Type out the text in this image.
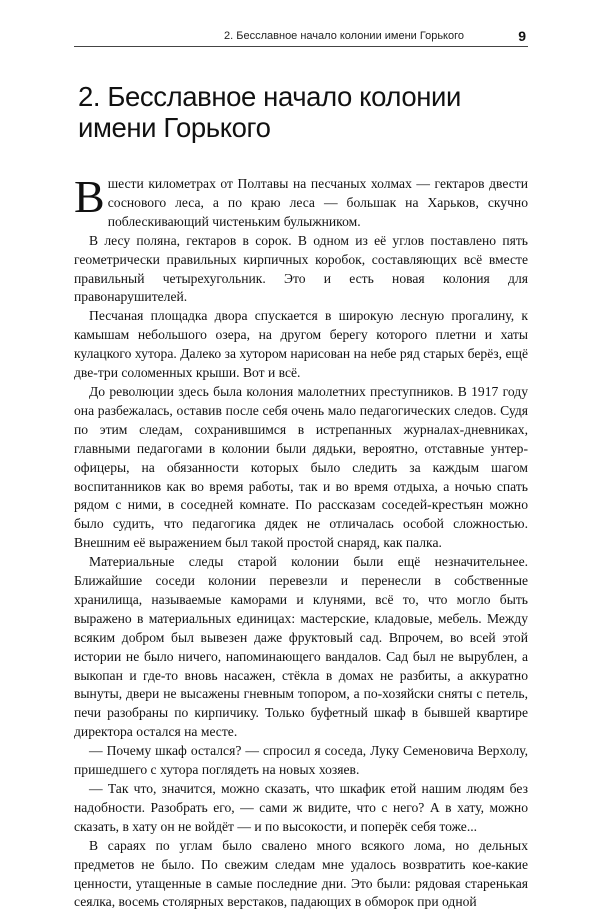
2. Бесславное начало колонии имени Горького	9
2. Бесславное начало колонии имени Горького

Вшести километрах от Полтавы на песчаных холмах — гектаров двести соснового леса, а по краю леса — большак на Харьков, скучно поблескивающий чистеньким булыжником.

В лесу поляна, гектаров в сорок. В одном из её углов поставлено пять геометрически правильных кирпичных коробок, составляющих всё вместе правильный четырехугольник. Это и есть новая колония для правонарушителей.

Песчаная площадка двора спускается в широкую лесную прогалину, к камышам небольшого озера, на другом берегу которого плетни и хаты кулацкого хутора. Далеко за хутором нарисован на небе ряд старых берёз, ещё две-три соломенных крыши. Вот и всё.

До революции здесь была колония малолетних преступников. В 1917 году она разбежалась, оставив после себя очень мало педагогических следов. Судя по этим следам, сохранившимся в истрепанных журналах-дневниках, главными педагогами в колонии были дядьки, вероятно, отставные унтер-офицеры, на обязанности которых было следить за каждым шагом воспитанников как во время работы, так и во время отдыха, а ночью спать рядом с ними, в соседней комнате. По рассказам соседей-крестьян можно было судить, что педагогика дядек не отличалась особой сложностью. Внешним её выражением был такой простой снаряд, как палка.

Материальные следы старой колонии были ещё незначительнее. Ближайшие соседи колонии перевезли и перенесли в собственные хранилища, называемые каморами и клунями, всё то, что могло быть выражено в материальных единицах: мастерские, кладовые, мебель. Между всяким добром был вывезен даже фруктовый сад. Впрочем, во всей этой истории не было ничего, напоминающего вандалов. Сад был не вырублен, а выкопан и где-то вновь насажен, стёкла в домах не разбиты, а аккуратно вынуты, двери не высажены гневным топором, а по-хозяйски сняты с петель, печи разобраны по кирпичику. Только буфетный шкаф в бывшей квартире директора остался на месте.

— Почему шкаф остался? — спросил я соседа, Луку Семеновича Верхолу, пришедшего с хутора поглядеть на новых хозяев.

— Так что, значится, можно сказать, что шкафик етой нашим людям без надобности. Разобрать его, — сами ж видите, что с него? А в хату, можно сказать, в хату он не войдёт — и по высокости, и поперёк себя тоже...

В сараях по углам было свалено много всякого лома, но дельных предметов не было. По свежим следам мне удалось возвратить кое-какие ценности, утащенные в самые последние дни. Это были: рядовая старенькая сеялка, восемь столярных верстаков, падающих в обморок при одной
